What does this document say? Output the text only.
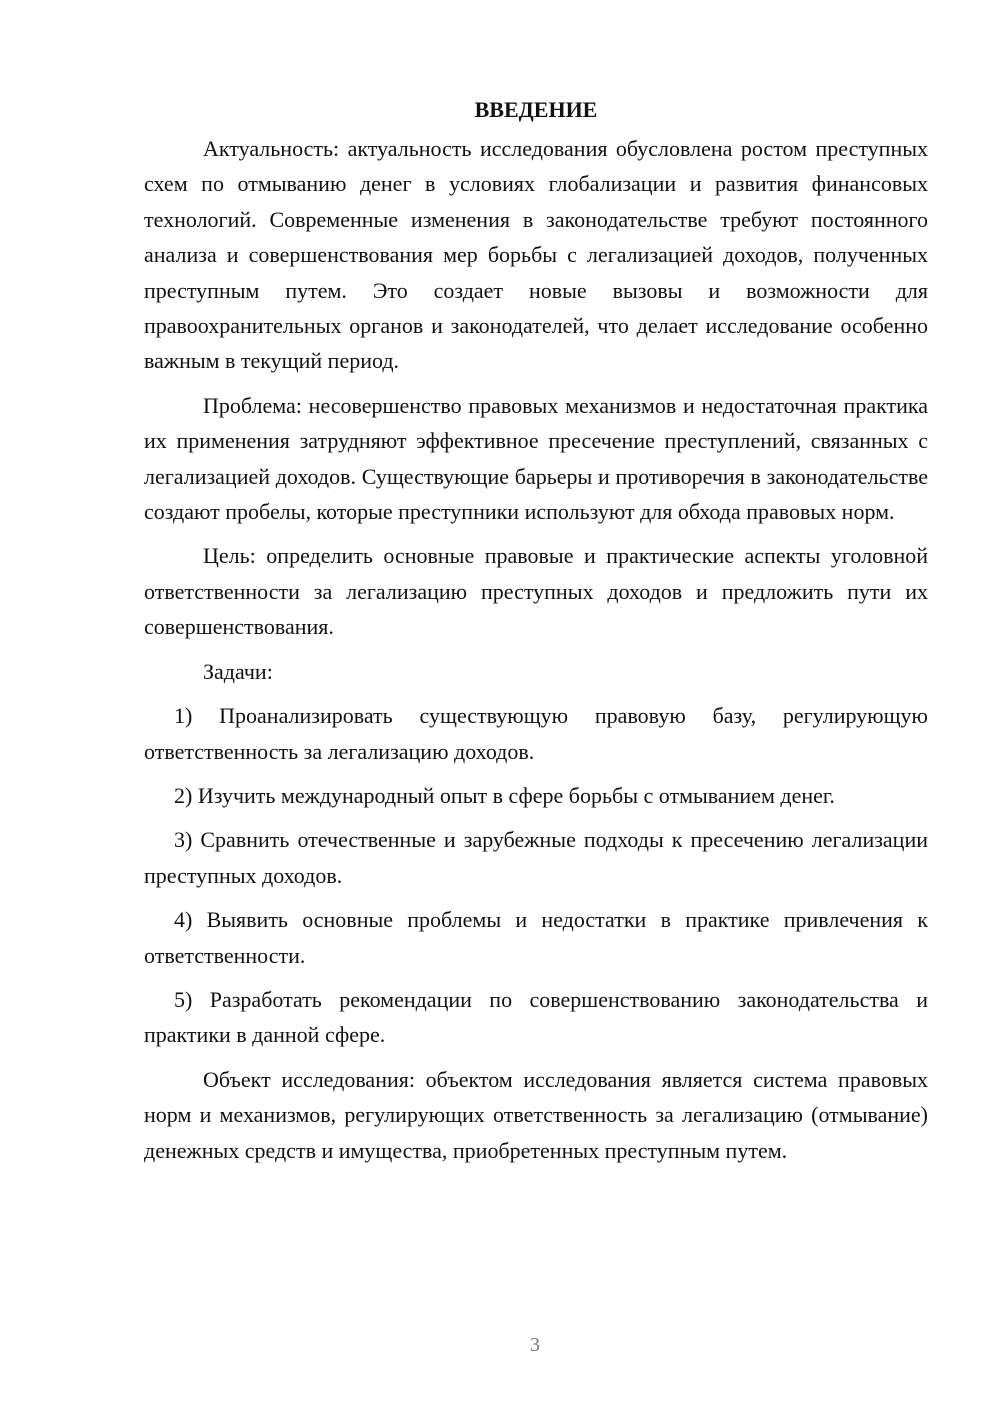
ВВЕДЕНИЕ

Актуальность: актуальность исследования обусловлена ростом преступных схем по отмыванию денег в условиях глобализации и развития финансовых технологий. Современные изменения в законодательстве требуют постоянного анализа и совершенствования мер борьбы с легализацией доходов, полученных преступным путем. Это создает новые вызовы и возможности для правоохранительных органов и законодателей, что делает исследование особенно важным в текущий период.

Проблема: несовершенство правовых механизмов и недостаточная практика их применения затрудняют эффективное пресечение преступлений, связанных с легализацией доходов. Существующие барьеры и противоречия в законодательстве создают пробелы, которые преступники используют для обхода правовых норм.

Цель: определить основные правовые и практические аспекты уголовной ответственности за легализацию преступных доходов и предложить пути их совершенствования.

Задачи:

1) Проанализировать существующую правовую базу, регулирующую ответственность за легализацию доходов.

2) Изучить международный опыт в сфере борьбы с отмыванием денег.

3) Сравнить отечественные и зарубежные подходы к пресечению легализации преступных доходов.

4) Выявить основные проблемы и недостатки в практике привлечения к ответственности.

5) Разработать рекомендации по совершенствованию законодательства и практики в данной сфере.

Объект исследования: объектом исследования является система правовых норм и механизмов, регулирующих ответственность за легализацию (отмывание) денежных средств и имущества, приобретенных преступным путем.

3
